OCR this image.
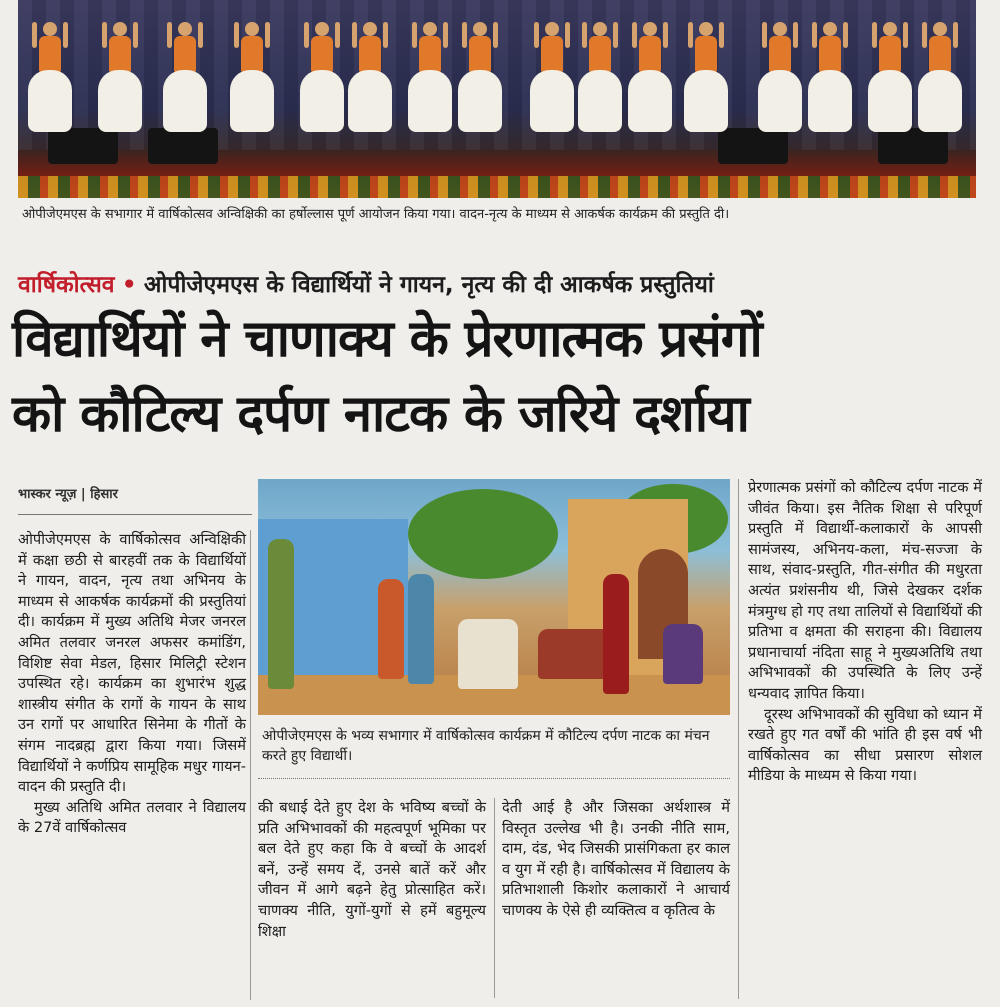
ओपीजेएमएस के सभागार में वार्षिकोत्सव अन्विक्षिकी का हर्षोल्लास पूर्ण आयोजन किया गया। वादन-नृत्य के माध्यम से आकर्षक कार्यक्रम की प्रस्तुति दी।
वार्षिकोत्सव • ओपीजेएमएस के विद्यार्थियों ने गायन, नृत्य की दी आकर्षक प्रस्तुतियां
विद्यार्थियों ने चाणाक्य के प्रेरणात्मक प्रसंगों
को कौटिल्य दर्पण नाटक के जरिये दर्शाया
भास्कर न्यूज़ | हिसार

ओपीजेएमएस के वार्षिकोत्सव अन्विक्षिकी में कक्षा छठी से बारहवीं तक के विद्यार्थियों ने गायन, वादन, नृत्य तथा अभिनय के माध्यम से आकर्षक कार्यक्रमों की प्रस्तुतियां दी। कार्यक्रम में मुख्य अतिथि मेजर जनरल अमित तलवार जनरल अफसर कमांडिंग, विशिष्ट सेवा मेडल, हिसार मिलिट्री स्टेशन उपस्थित रहे। कार्यक्रम का शुभारंभ शुद्ध शास्त्रीय संगीत के रागों के गायन के साथ उन रागों पर आधारित सिनेमा के गीतों के संगम नादब्रह्म द्वारा किया गया। जिसमें विद्यार्थियों ने कर्णप्रिय सामूहिक मधुर गायन-वादन की प्रस्तुति दी।

मुख्य अतिथि अमित तलवार ने विद्यालय के 27वें वार्षिकोत्सव

ओपीजेएमएस के भव्य सभागार में वार्षिकोत्सव कार्यक्रम में कौटिल्य दर्पण नाटक का मंचन करते हुए विद्यार्थी।

की बधाई देते हुए देश के भविष्य बच्चों के प्रति अभिभावकों की महत्वपूर्ण भूमिका पर बल देते हुए कहा कि वे बच्चों के आदर्श बनें, उन्हें समय दें, उनसे बातें करें और जीवन में आगे बढ़ने हेतु प्रोत्साहित करें। चाणक्य नीति, युगों-युगों से हमें बहुमूल्य शिक्षा

देती आई है और जिसका अर्थशास्त्र में विस्तृत उल्लेख भी है। उनकी नीति साम, दाम, दंड, भेद जिसकी प्रासंगिकता हर काल व युग में रही है। वार्षिकोत्सव में विद्यालय के प्रतिभाशाली किशोर कलाकारों ने आचार्य चाणक्य के ऐसे ही व्यक्तित्व व कृतित्व के

प्रेरणात्मक प्रसंगों को कौटिल्य दर्पण नाटक में जीवंत किया। इस नैतिक शिक्षा से परिपूर्ण प्रस्तुति में विद्यार्थी-कलाकारों के आपसी सामंजस्य, अभिनय-कला, मंच-सज्जा के साथ, संवाद-प्रस्तुति, गीत-संगीत की मधुरता अत्यंत प्रशंसनीय थी, जिसे देखकर दर्शक मंत्रमुग्ध हो गए तथा तालियों से विद्यार्थियों की प्रतिभा व क्षमता की सराहना की। विद्यालय प्रधानाचार्या नंदिता साहू ने मुख्यअतिथि तथा अभिभावकों की उपस्थिति के लिए उन्हें धन्यवाद ज्ञापित किया।

दूरस्थ अभिभावकों की सुविधा को ध्यान में रखते हुए गत वर्षों की भांति ही इस वर्ष भी वार्षिकोत्सव का सीधा प्रसारण सोशल मीडिया के माध्यम से किया गया।
